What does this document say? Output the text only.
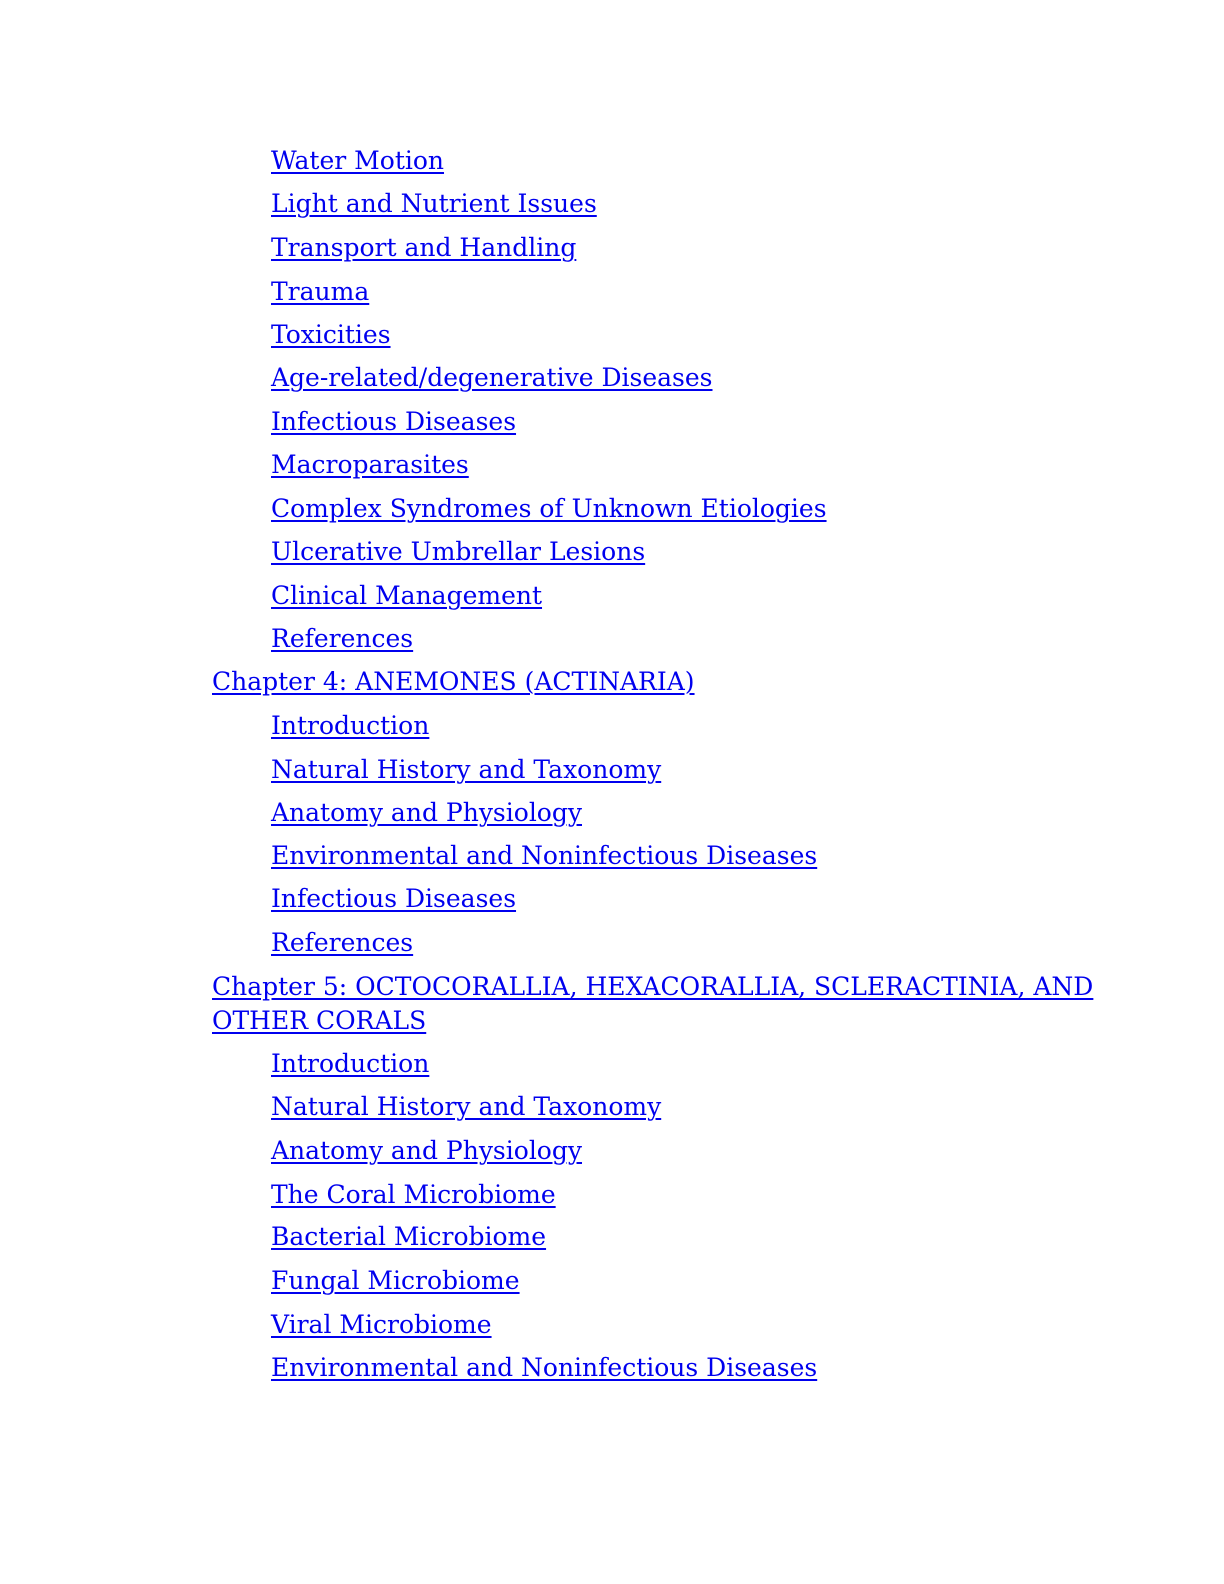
Water Motion
Light and Nutrient Issues
Transport and Handling
Trauma
Toxicities
Age-related/degenerative Diseases
Infectious Diseases
Macroparasites
Complex Syndromes of Unknown Etiologies
Ulcerative Umbrellar Lesions
Clinical Management
References
Chapter 4: ANEMONES (ACTINARIA)
Introduction
Natural History and Taxonomy
Anatomy and Physiology
Environmental and Noninfectious Diseases
Infectious Diseases
References
Chapter 5: OCTOCORALLIA, HEXACORALLIA, SCLERACTINIA, AND
OTHER CORALS
Introduction
Natural History and Taxonomy
Anatomy and Physiology
The Coral Microbiome
Bacterial Microbiome
Fungal Microbiome
Viral Microbiome
Environmental and Noninfectious Diseases
